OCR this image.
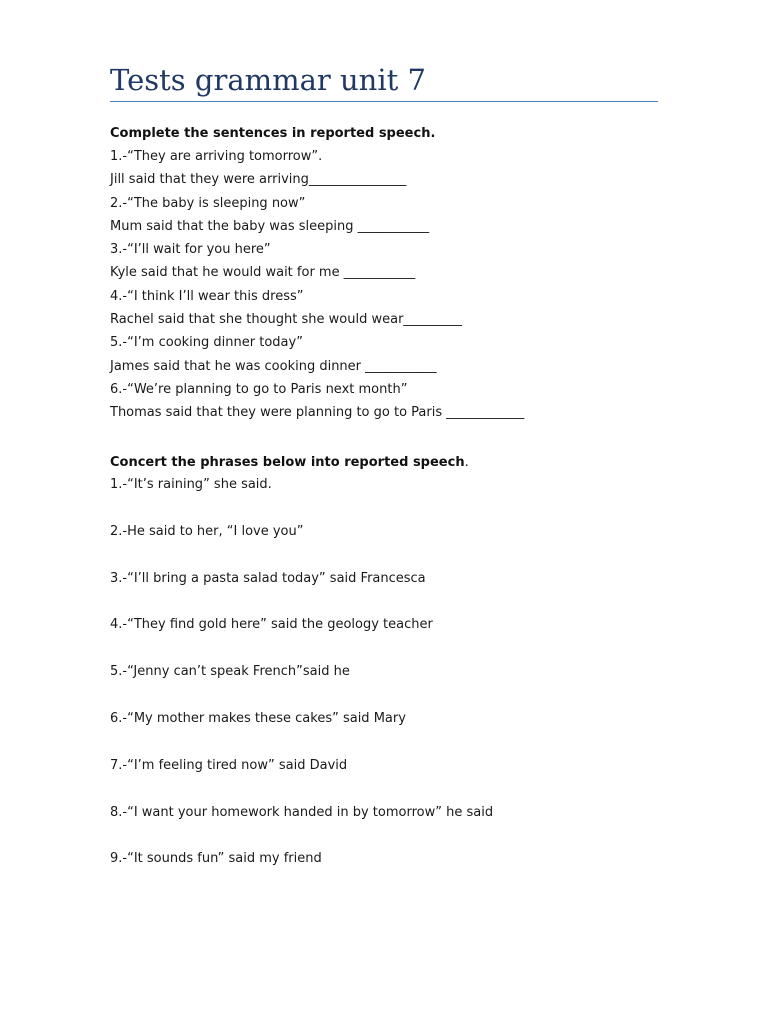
Tests grammar unit 7
Complete the sentences in reported speech.
1.-“They are arriving tomorrow”.
Jill said that they were arriving_______________
2.-“The baby is sleeping now”
Mum said that the baby was sleeping ___________
3.-“I’ll wait for you here”
Kyle said that he would wait for me ___________
4.-“I think I’ll wear this dress”
Rachel said that she thought she would wear_________
5.-“I’m cooking dinner today”
James said that he was cooking dinner ___________
6.-“We’re planning to go to Paris next month”
Thomas said that they were planning to go to Paris ____________
Concert the phrases below into reported speech .
1.-“It’s raining” she said.
2.-He said to her, “I love you”
3.-“I’ll bring a pasta salad today” said Francesca
4.-“They find gold here” said the geology teacher
5.-“Jenny can’t speak French”said he
6.-“My mother makes these cakes” said Mary
7.-“I’m feeling tired now” said David
8.-“I want your homework handed in by tomorrow” he said
9.-“It sounds fun” said my friend
